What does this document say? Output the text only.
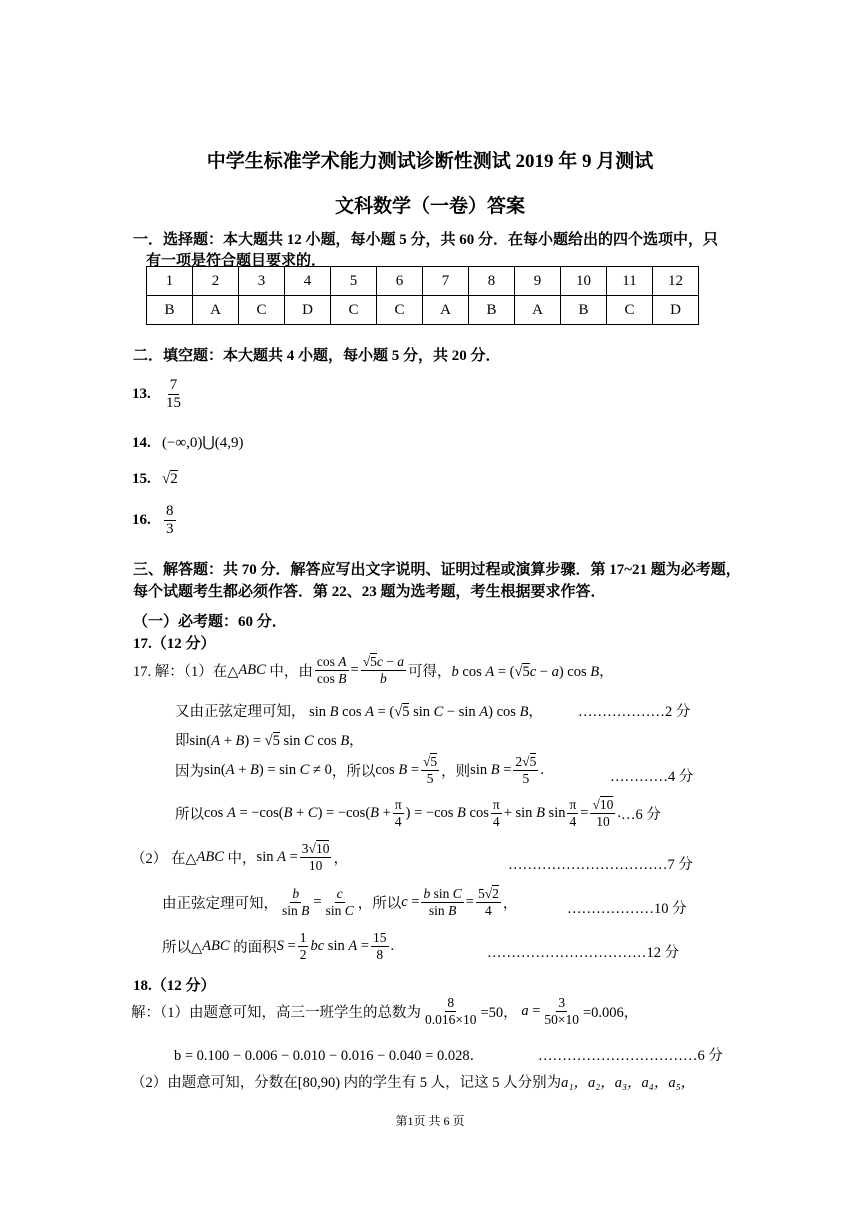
中学生标准学术能力测试诊断性测试 2019 年 9 月测试
文科数学（一卷）答案
一．选择题：本大题共 12 小题，每小题 5 分，共 60 分．在每小题给出的四个选项中，只
有一项是符合题目要求的．
1	2	3	4	5	6	7	8	9	10	11	12
B	A	C	D	C	C	A	B	A	B	C	D
二．填空题：本大题共 4 小题，每小题 5 分，共 20 分．
13. $\frac{7}{15}$
14. (−∞,0)⋃(4,9)
15. √2
16. $\frac{8}{3}$
三、解答题：共 70 分．解答应写出文字说明、证明过程或演算步骤．第 17~21 题为必考题，
每个试题考生都必须作答．第 22、23 题为选考题，考生根据要求作答．
（一）必考题：60 分．
17.（12 分）
17. 解：（1）在△ ABC
中，由 $\frac{\text{cos A}}{\text{cos B}} = \frac{√5c - a}{b}$ 可得， b cos A = (√5c − a) cos B，
又由正弦定理可知， sin B cos A = (√5 sin C − sin A) cos B， ………………2 分
即sin(A + B) = √5 sin C cos B，
因为 sin(A + B) = sin C ≠ 0 ，所以 $\cos B = \frac{√5}{5}$ ，则 $\sin B = \frac{2√5}{5}$ .	…………4 分
所以 $\cos A = -\cos(B + C) = -\cos(B + \frac{\pi}{4}$ ) = −cos B $\cos \frac{\pi}{4} + \sin B$ $\sin \frac{\pi}{4} = \frac{√10}{10}$ . …6 分
（2） 在△ ABC
中， $\sin A = \frac{3√10}{10}$ ，	……………………………7 分
由正弦定理可知， $\frac{b}{\text{sin B}} = \frac{c}{\text{sin C}}$ ，所以 $c = \frac{\text{b sin C}}{\text{sin B}} = \frac{5√2}{4}$ ，	………………10 分
所以△ ABC
的面积 $S = \frac{1}{2}$ bc $\sin A = \frac{15}{8}$ .	……………………………12 分
18.（12 分）
解：（1）由题意可知，高三一班学生的总数为 $\frac{8}{0.016\times 10} =50$， $a = \frac{3}{50\times 10} =0.006$，
b = 0.100 − 0.006 − 0.010 − 0.016 − 0.040 = 0.028．	……………………………6 分
（2）由题意可知，分数在[80,90) 内的学生有 5 人，记这 5 人分别为a₁，a₂，a₃，a₄，a₅，
第1页 共 6 页
